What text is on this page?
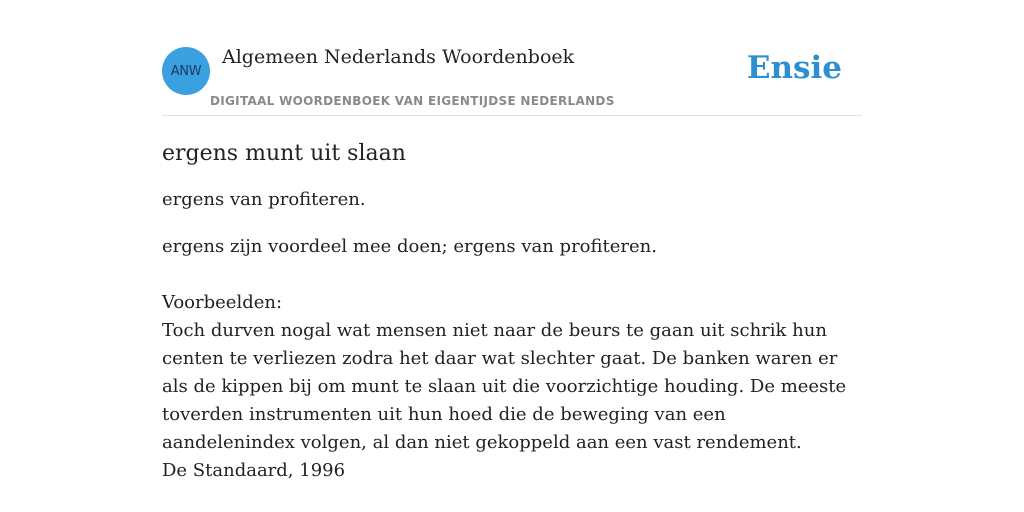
ANW
Algemeen Nederlands Woordenboek
DIGITAAL WOORDENBOEK VAN EIGENTIJDSE NEDERLANDS
Ensie
ergens munt uit slaan

ergens van profiteren.

ergens zijn voordeel mee doen; ergens van profiteren.

Voorbeelden:

Toch durven nogal wat mensen niet naar de beurs te gaan uit schrik hun centen te verliezen zodra het daar wat slechter gaat. De banken waren er als de kippen bij om munt te slaan uit die voorzichtige houding. De meeste toverden instrumenten uit hun hoed die de beweging van een aandelenindex volgen, al dan niet gekoppeld aan een vast rendement.

De Standaard, 1996
